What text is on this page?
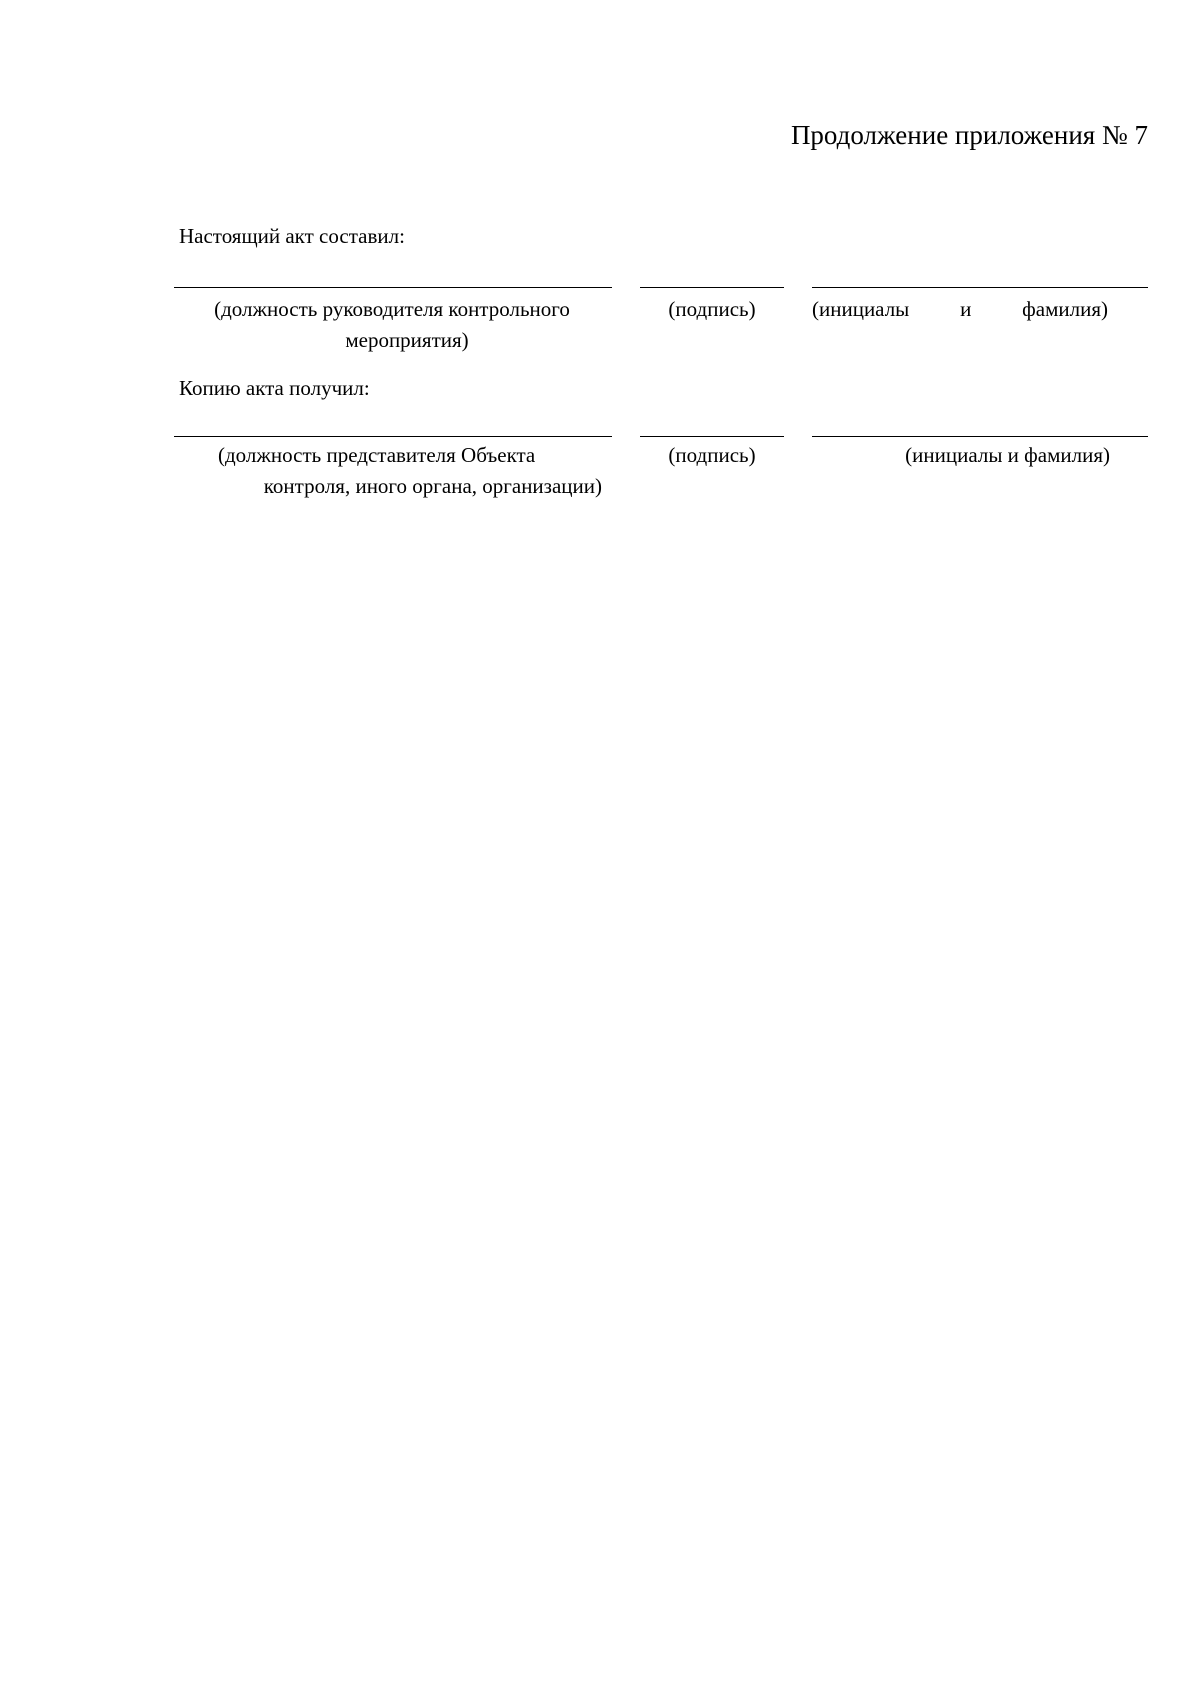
Продолжение приложения № 7
Настоящий акт составил:
(должность руководителя контрольного
мероприятия)
(подпись)	(инициалы и фамилия)
Копию акта получил:
(должность представителя Объекта
контроля, иного органа, организации)
(подпись)	(инициалы и фамилия)
